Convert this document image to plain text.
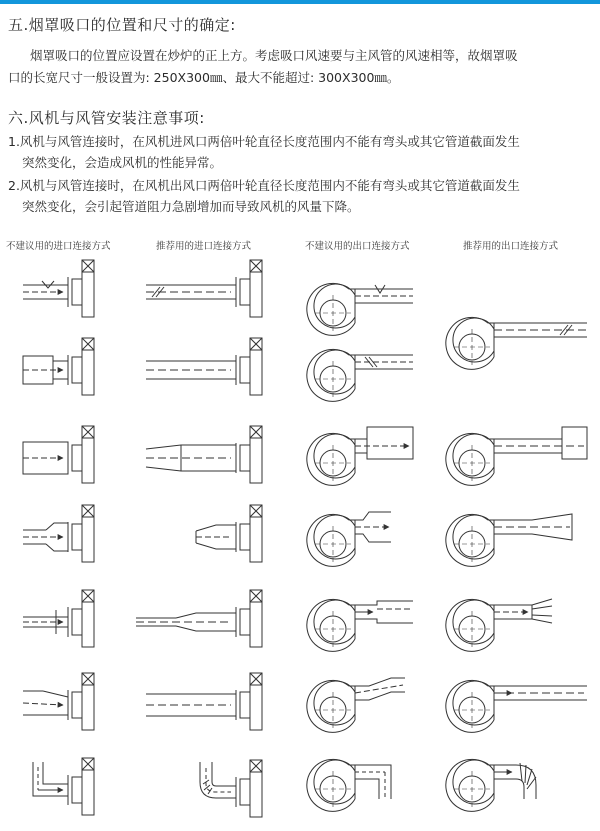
五.烟罩吸口的位置和尺寸的确定:
烟罩吸口的位置应设置在炒炉的正上方。考虑吸口风速要与主风管的风速相等，故烟罩吸
口的长宽尺寸一般设置为: 250X300㎜、最大不能超过: 300X300㎜。
六.风机与风管安装注意事项:
1.风机与风管连接时，在风机进风口两倍叶轮直径长度范围内不能有弯头或其它管道截面发生
突然变化，会造成风机的性能异常。
2.风机与风管连接时，在风机出风口两倍叶轮直径长度范围内不能有弯头或其它管道截面发生
突然变化，会引起管道阻力急剧增加而导致风机的风量下降。
不建议用的进口连接方式	推荐用的进口连接方式	不建议用的出口连接方式	推荐用的出口连接方式
